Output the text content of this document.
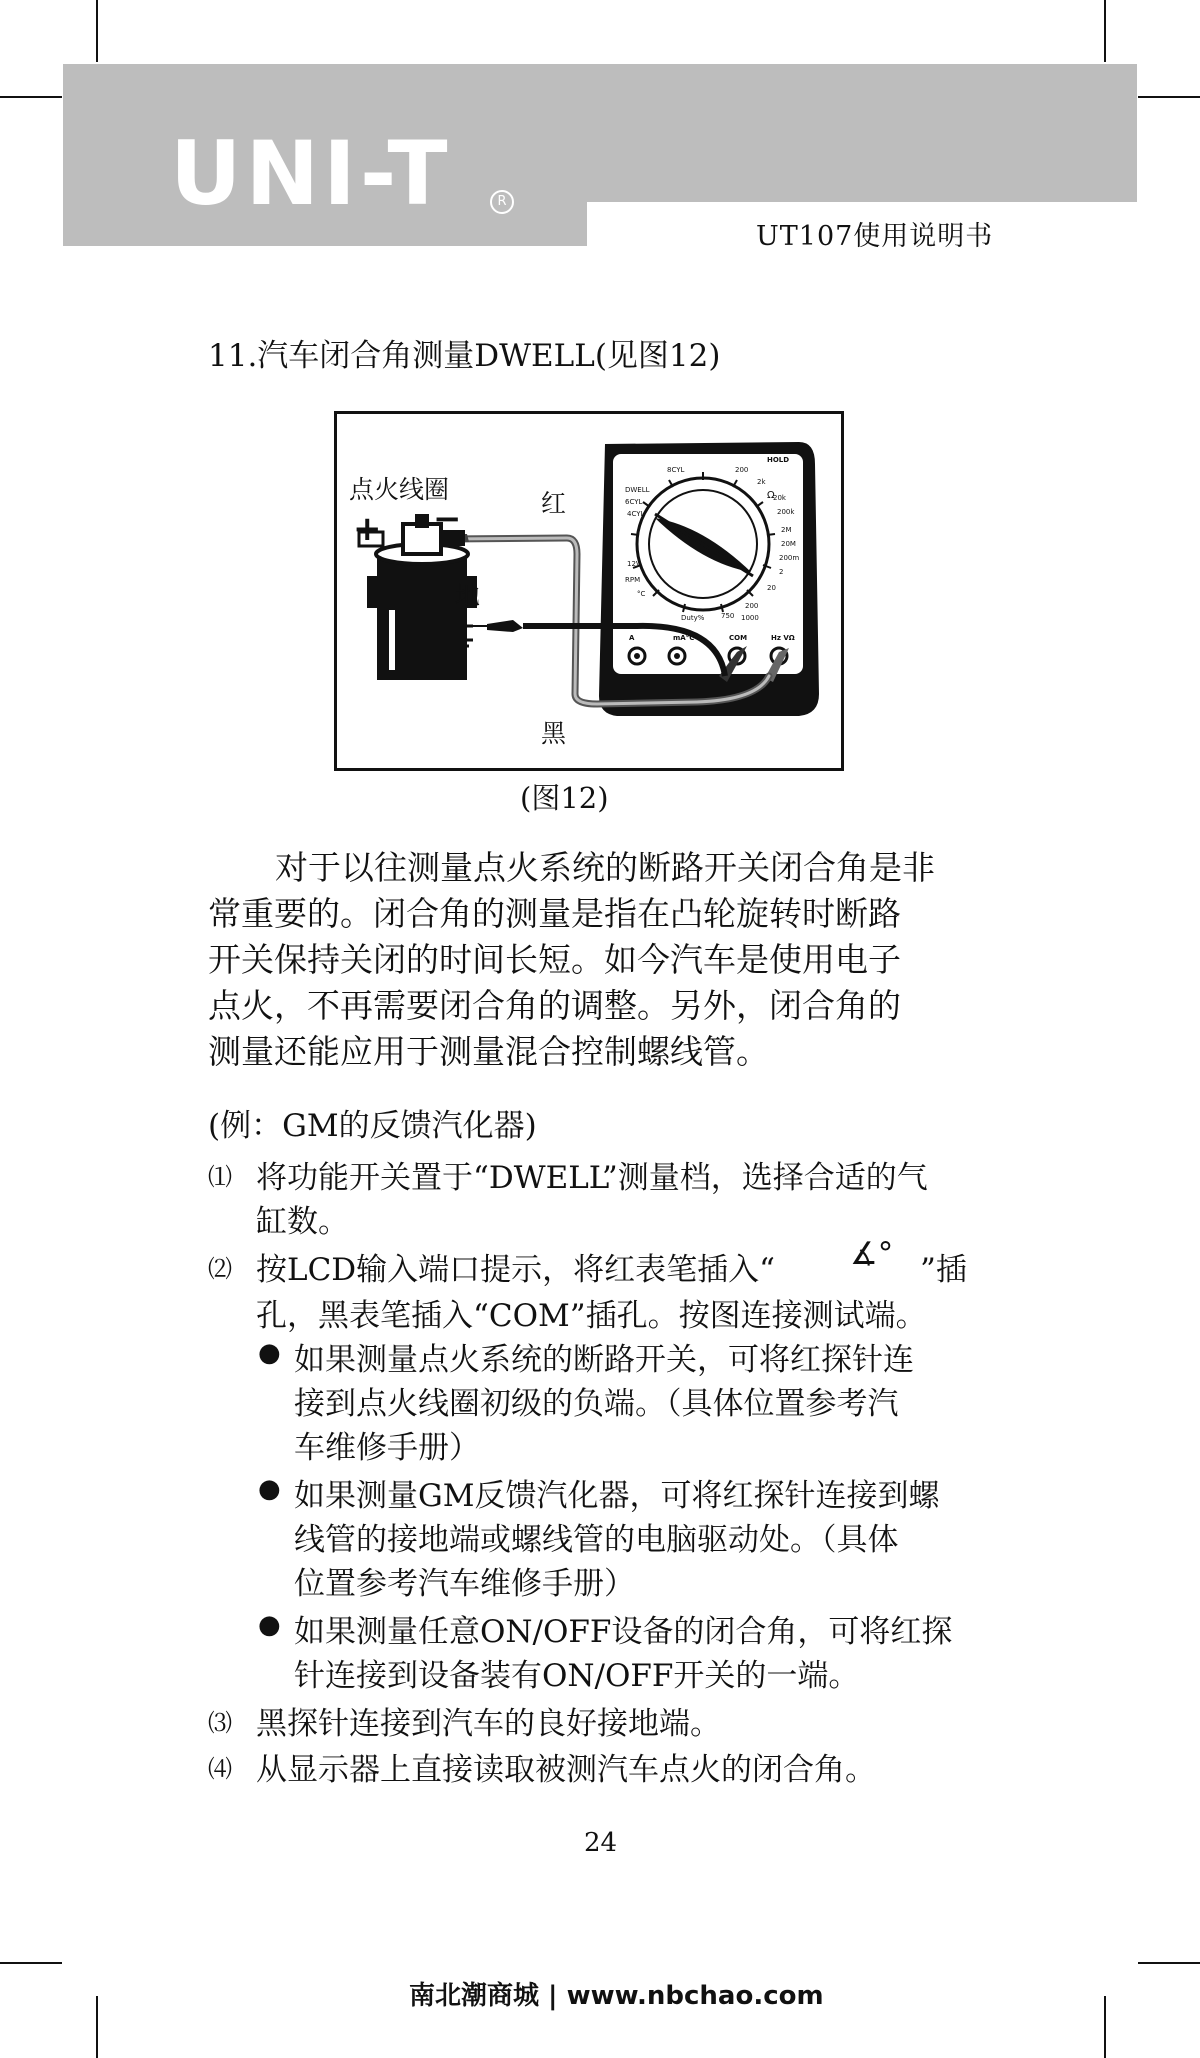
UNI-T	R
UT107使用说明书
11.汽车闭合角测量DWELL(见图12)
HOLD
DWELL
6CYL
4CYL
8CYL	200
2k
20k
200k
2M
20M
200m
2
20
200
750 1000
Duty%
12V
RPM
°C
Ω
A	mA°C	COM	Hz VΩ
+ −
点火线圈	红
地
黑
(图12)
对于以往测量点火系统的断路开关闭合角是非
常重要的。闭合角的测量是指在凸轮旋转时断路
开关保持关闭的时间长短。如今汽车是使用电子
点火，不再需要闭合角的调整。另外，闭合角的
测量还能应用于测量混合控制螺线管。
(例：GM的反馈汽化器)
⑴ 将功能开关置于“DWELL”测量档，选择合适的气
缸数。
⑵ 按LCD输入端口提示，将红表笔插入“ ∡° ”插
孔，黑表笔插入“COM”插孔。按图连接测试端。
● 如果测量点火系统的断路开关，可将红探针连
接到点火线圈初级的负端。（具体位置参考汽
车维修手册）
● 如果测量GM反馈汽化器，可将红探针连接到螺
线管的接地端或螺线管的电脑驱动处。（具体
位置参考汽车维修手册）
● 如果测量任意ON/OFF设备的闭合角，可将红探
针连接到设备装有ON/OFF开关的一端。
⑶ 黑探针连接到汽车的良好接地端。
⑷ 从显示器上直接读取被测汽车点火的闭合角。
24
南北潮商城 | www.nbchao.com
